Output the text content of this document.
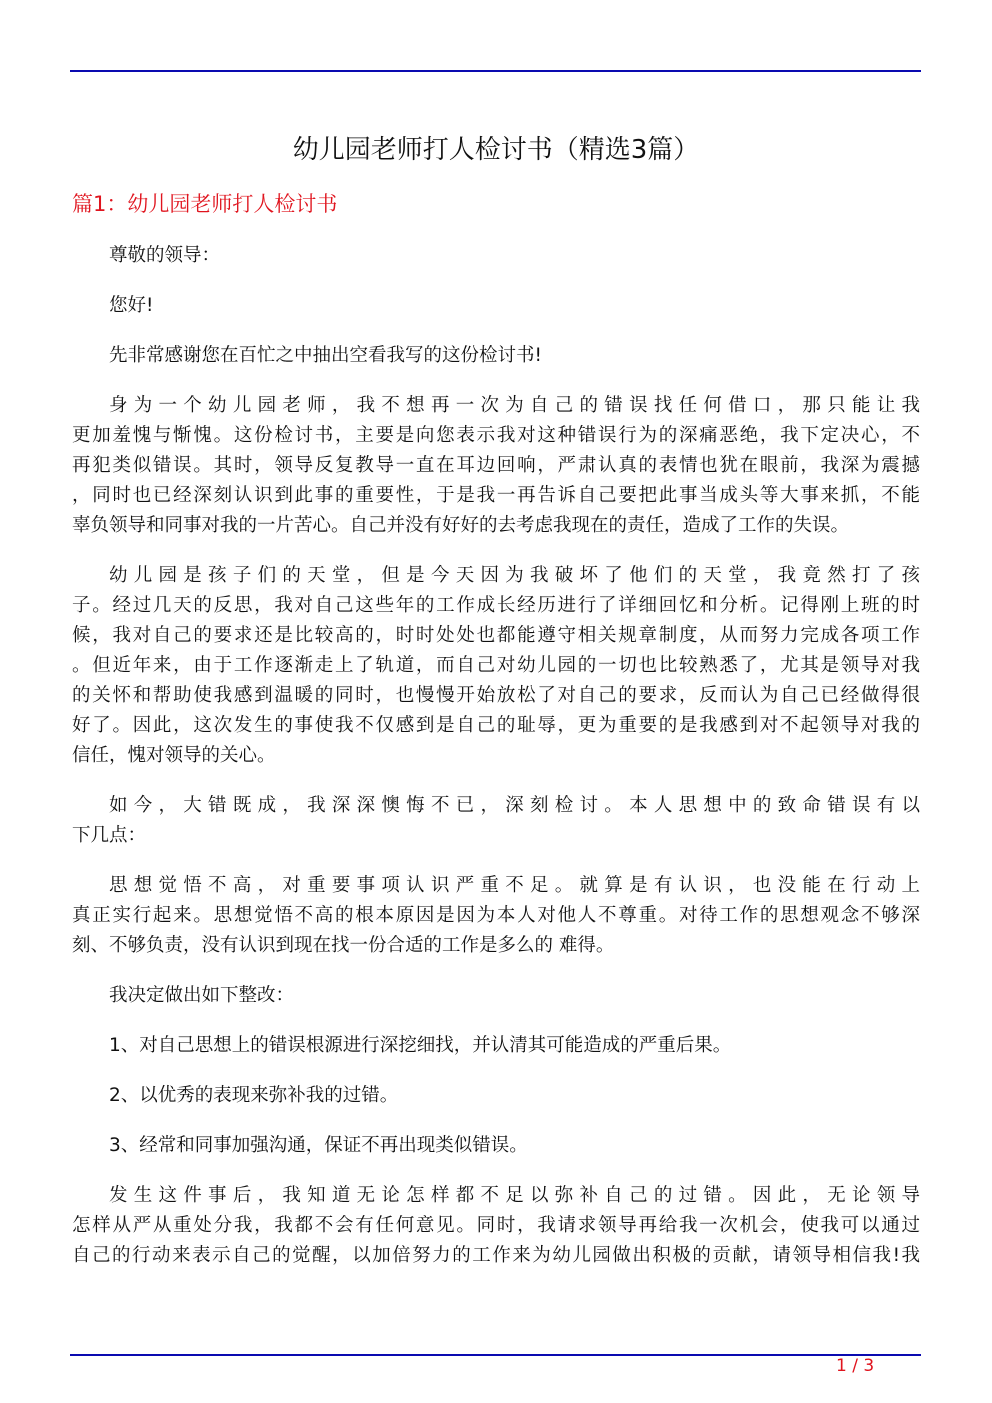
幼儿园老师打人检讨书（精选3篇）
篇1：幼儿园老师打人检讨书
尊敬的领导：
您好!
先非常感谢您在百忙之中抽出空看我写的这份检讨书!
身为一个幼儿园老师，我不想再一次为自己的错误找任何借口，那只能让我
更加羞愧与惭愧。这份检讨书，主要是向您表示我对这种错误行为的深痛恶绝，我下定决心，不
再犯类似错误。其时，领导反复教导一直在耳边回响，严肃认真的表情也犹在眼前，我深为震撼
，同时也已经深刻认识到此事的重要性，于是我一再告诉自己要把此事当成头等大事来抓，不能
辜负领导和同事对我的一片苦心。自己并没有好好的去考虑我现在的责任，造成了工作的失误。
幼儿园是孩子们的天堂，但是今天因为我破坏了他们的天堂，我竟然打了孩
子。经过几天的反思，我对自己这些年的工作成长经历进行了详细回忆和分析。记得刚上班的时
候，我对自己的要求还是比较高的，时时处处也都能遵守相关规章制度，从而努力完成各项工作
。但近年来，由于工作逐渐走上了轨道，而自己对幼儿园的一切也比较熟悉了，尤其是领导对我
的关怀和帮助使我感到温暖的同时，也慢慢开始放松了对自己的要求，反而认为自己已经做得很
好了。因此，这次发生的事使我不仅感到是自己的耻辱，更为重要的是我感到对不起领导对我的
信任，愧对领导的关心。
如今，大错既成，我深深懊悔不已，深刻检讨。本人思想中的致命错误有以
下几点：
思想觉悟不高，对重要事项认识严重不足。就算是有认识，也没能在行动上
真正实行起来。思想觉悟不高的根本原因是因为本人对他人不尊重。对待工作的思想观念不够深
刻、不够负责，没有认识到现在找一份合适的工作是多么的 难得。
我决定做出如下整改：
1、对自己思想上的错误根源进行深挖细找，并认清其可能造成的严重后果。
2、以优秀的表现来弥补我的过错。
3、经常和同事加强沟通，保证不再出现类似错误。
发生这件事后，我知道无论怎样都不足以弥补自己的过错。因此，无论领导
怎样从严从重处分我，我都不会有任何意见。同时，我请求领导再给我一次机会，使我可以通过
自己的行动来表示自己的觉醒，以加倍努力的工作来为幼儿园做出积极的贡献，请领导相信我!我
1 / 3
